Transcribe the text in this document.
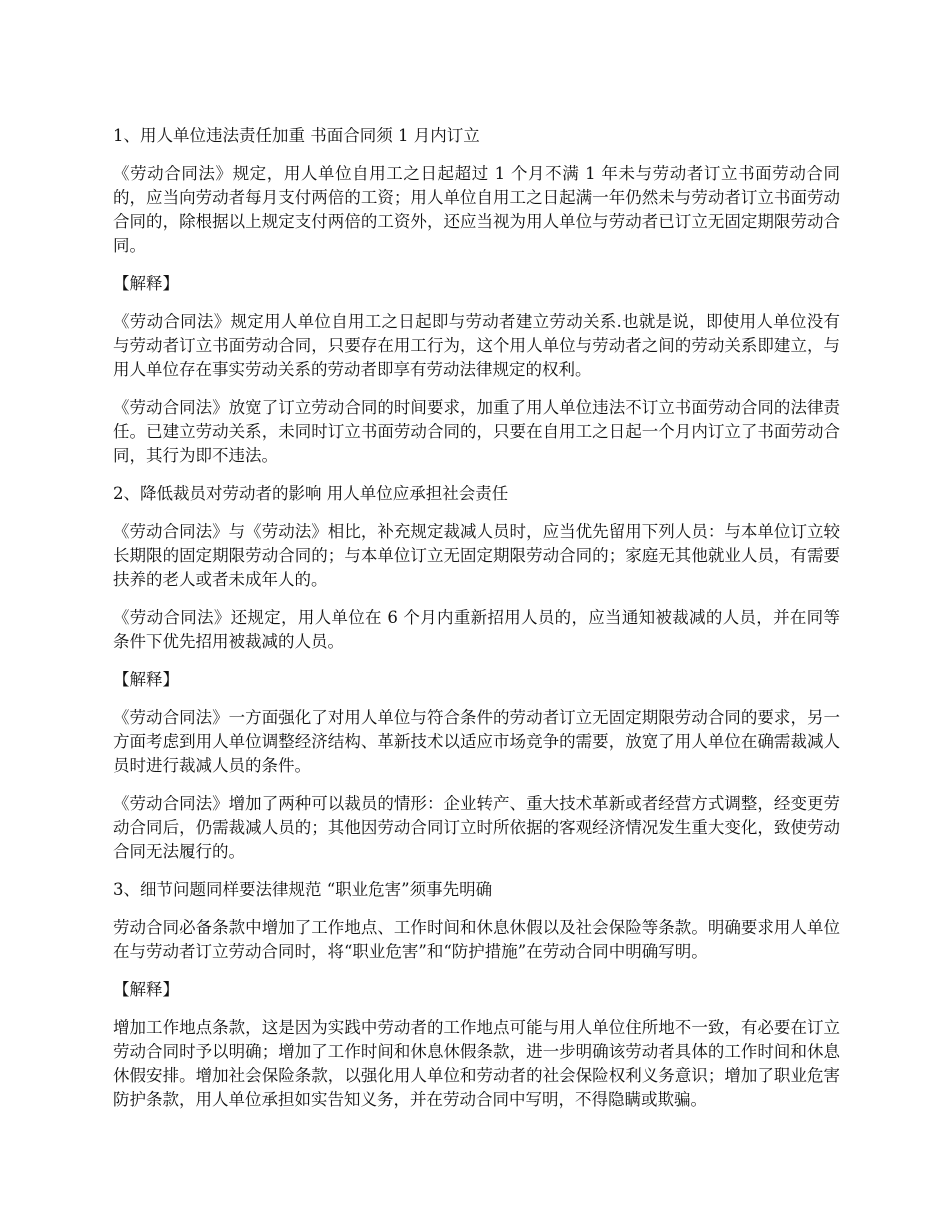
1、用人单位违法责任加重 书面合同须 1 月内订立

《劳动合同法》规定，用人单位自用工之日起超过 1 个月不满 1 年未与劳动者订立书面劳动合同的，应当向劳动者每月支付两倍的工资；用人单位自用工之日起满一年仍然未与劳动者订立书面劳动合同的，除根据以上规定支付两倍的工资外，还应当视为用人单位与劳动者已订立无固定期限劳动合同。

【解释】

《劳动合同法》规定用人单位自用工之日起即与劳动者建立劳动关系.也就是说，即使用人单位没有与劳动者订立书面劳动合同，只要存在用工行为，这个用人单位与劳动者之间的劳动关系即建立，与用人单位存在事实劳动关系的劳动者即享有劳动法律规定的权利。

《劳动合同法》放宽了订立劳动合同的时间要求，加重了用人单位违法不订立书面劳动合同的法律责任。已建立劳动关系，未同时订立书面劳动合同的，只要在自用工之日起一个月内订立了书面劳动合同，其行为即不违法。

2、降低裁员对劳动者的影响 用人单位应承担社会责任

《劳动合同法》与《劳动法》相比，补充规定裁减人员时，应当优先留用下列人员：与本单位订立较长期限的固定期限劳动合同的；与本单位订立无固定期限劳动合同的；家庭无其他就业人员，有需要扶养的老人或者未成年人的。

《劳动合同法》还规定，用人单位在 6 个月内重新招用人员的，应当通知被裁减的人员，并在同等条件下优先招用被裁减的人员。

【解释】

《劳动合同法》一方面强化了对用人单位与符合条件的劳动者订立无固定期限劳动合同的要求，另一方面考虑到用人单位调整经济结构、革新技术以适应市场竞争的需要，放宽了用人单位在确需裁减人员时进行裁减人员的条件。

《劳动合同法》增加了两种可以裁员的情形：企业转产、重大技术革新或者经营方式调整，经变更劳动合同后，仍需裁减人员的；其他因劳动合同订立时所依据的客观经济情况发生重大变化，致使劳动合同无法履行的。

3、细节问题同样要法律规范 “职业危害”须事先明确

劳动合同必备条款中增加了工作地点、工作时间和休息休假以及社会保险等条款。明确要求用人单位在与劳动者订立劳动合同时，将“职业危害”和“防护措施”在劳动合同中明确写明。

【解释】

增加工作地点条款，这是因为实践中劳动者的工作地点可能与用人单位住所地不一致，有必要在订立劳动合同时予以明确；增加了工作时间和休息休假条款，进一步明确该劳动者具体的工作时间和休息休假安排。增加社会保险条款，以强化用人单位和劳动者的社会保险权利义务意识；增加了职业危害防护条款，用人单位承担如实告知义务，并在劳动合同中写明，不得隐瞒或欺骗。
